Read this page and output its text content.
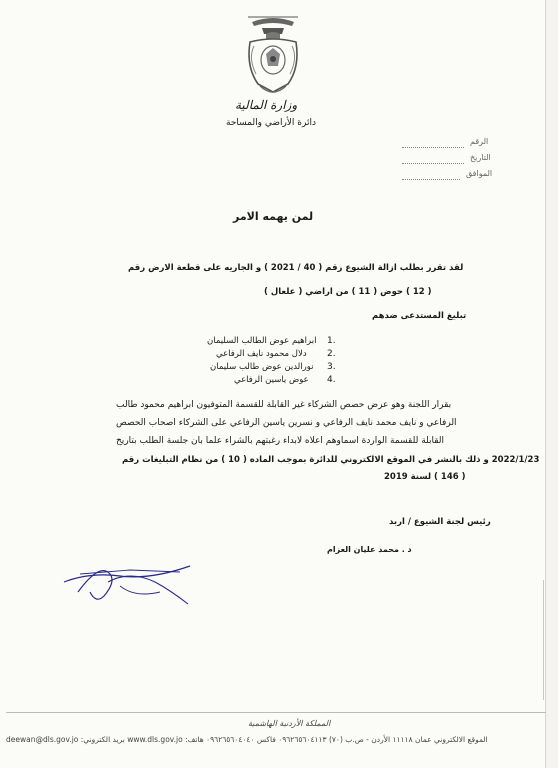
وزارة المالية
دائرة الأراضي والمساحة
الرقم
التاريخ
الموافق
لمن يهمه الامر
لقد تقرر بطلب ازالة الشيوع رقم ( 40 / 2021 ) و الجاريه على قطعة الارض رقم
( 12 ) حوض ( 11 ) من اراضي ( علعال )
تبليغ المستدعى ضدهم
1.
ابراهيم عوض الطالب السليمان
2.
دلال محمود نايف الرفاعي
3.
نورالدين عوض طالب سليمان
4.
عوض ياسين الرفاعي
بقرار اللجنة وهو عرض حصص الشركاء غير القابلة للقسمة المتوفيون ابراهيم محمود طالب
الرفاعي و نايف محمد نايف الرفاعي و نسرين ياسين الرفاعي على الشركاء اصحاب الحصص
القابلة للقسمة الواردة اسماوهم اعلاه لابداء رغبتهم بالشراء علما بان جلسة الطلب بتاريخ
2022/1/23 و ذلك بالنشر في الموقع الالكتروني للدائرة بموجب الماده ( 10 ) من نظام التبليغات رقم
( 146 ) لسنة 2019
رئيس لجنة الشيوع / اربد
د . محمد عليان العزام
المملكة الأردنية الهاشمية
deewan@dls.gov.jo :بريد الكتروني www.dls.gov.jo :الموقع الالكتروني عمان ١١١١٨ الأردن - ص.ب (٧٠) ٠٩٦٢٦٥٦٠٤١١٣ فاكس ٠٩٦٢٦٥٦٠٤٠٤٠ هاتف
